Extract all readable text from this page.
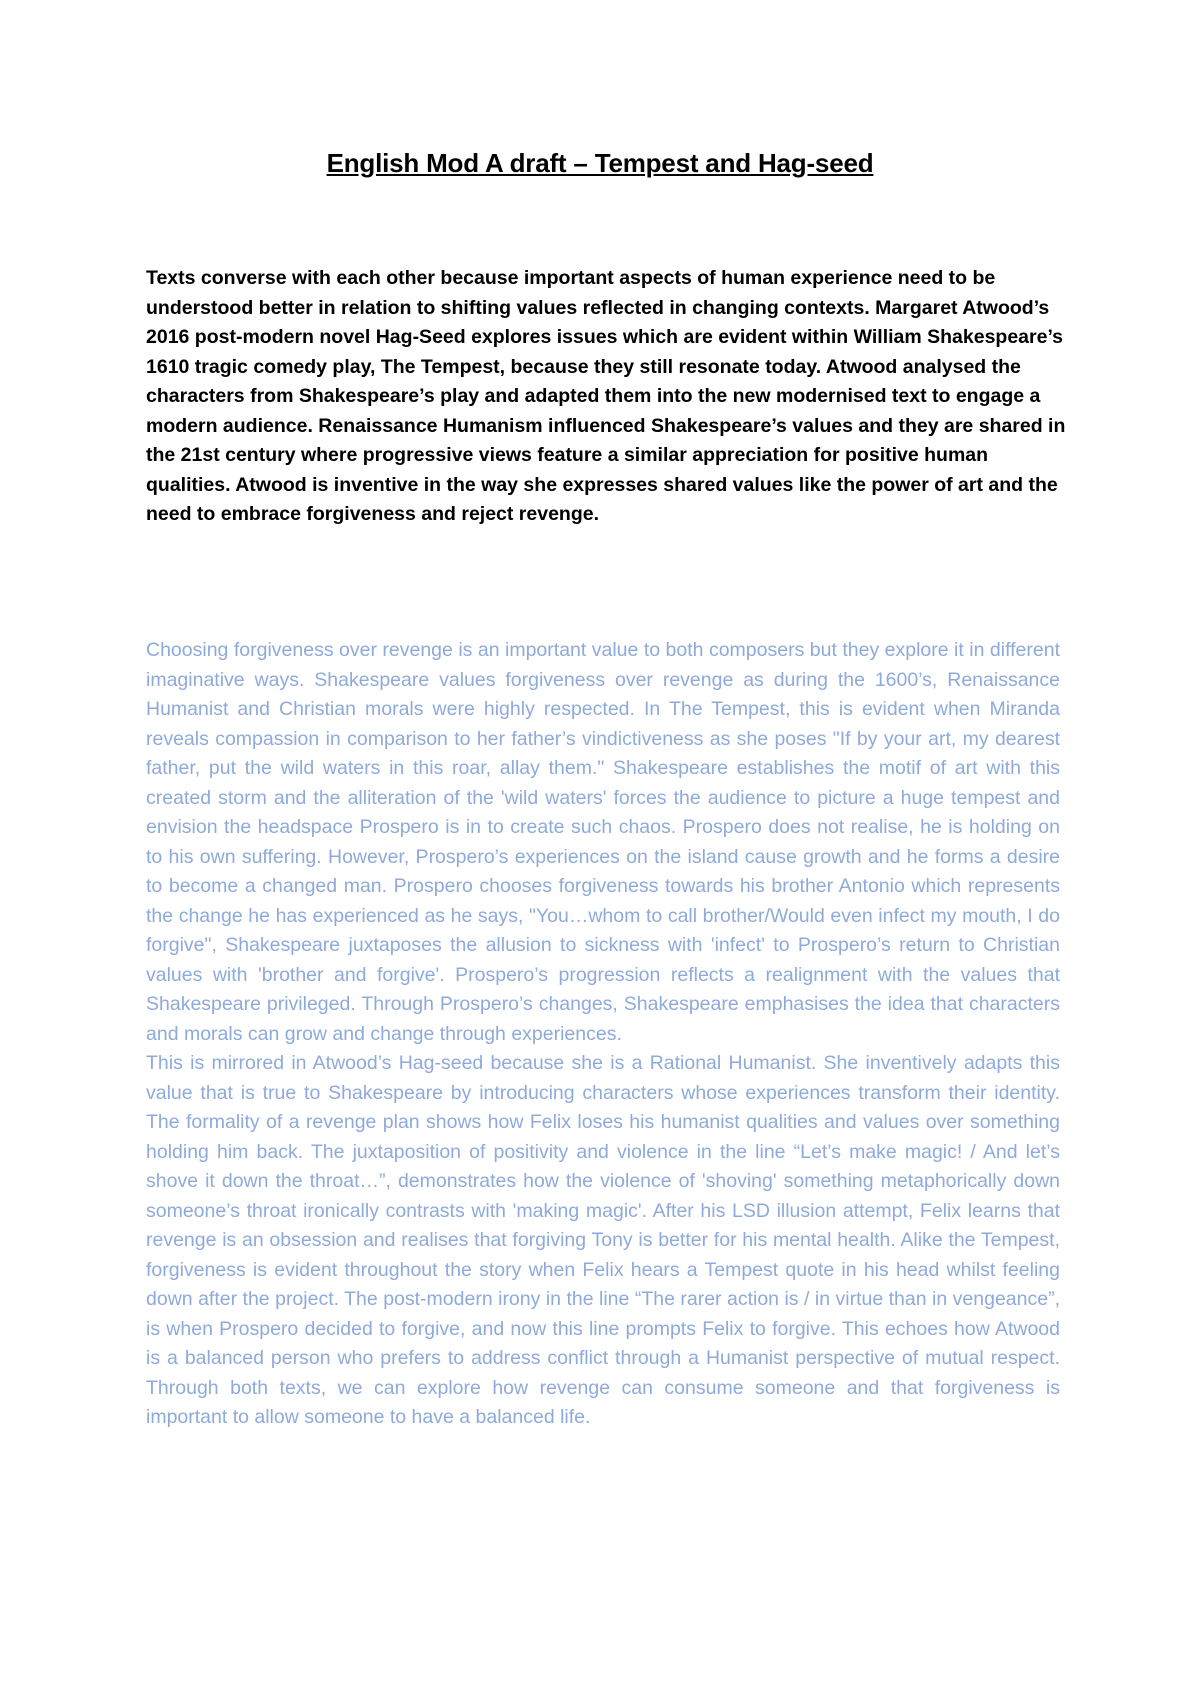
English Mod A draft – Tempest and Hag-seed

Texts converse with each other because important aspects of human experience need to be understood better in relation to shifting values reflected in changing contexts. Margaret Atwood’s 2016 post-modern novel Hag-Seed explores issues which are evident within William Shakespeare’s 1610 tragic comedy play, The Tempest, because they still resonate today. Atwood analysed the characters from Shakespeare’s play and adapted them into the new modernised text to engage a modern audience. Renaissance Humanism influenced Shakespeare’s values and they are shared in the 21st century where progressive views feature a similar appreciation for positive human qualities. Atwood is inventive in the way she expresses shared values like the power of art and the need to embrace forgiveness and reject revenge.

Choosing forgiveness over revenge is an important value to both composers but they explore it in different imaginative ways. Shakespeare values forgiveness over revenge as during the 1600’s, Renaissance Humanist and Christian morals were highly respected. In The Tempest, this is evident when Miranda reveals compassion in comparison to her father’s vindictiveness as she poses "If by your art, my dearest father, put the wild waters in this roar, allay them." Shakespeare establishes the motif of art with this created storm and the alliteration of the 'wild waters' forces the audience to picture a huge tempest and envision the headspace Prospero is in to create such chaos. Prospero does not realise, he is holding on to his own suffering. However, Prospero’s experiences on the island cause growth and he forms a desire to become a changed man. Prospero chooses forgiveness towards his brother Antonio which represents the change he has experienced as he says, "You…whom to call brother/Would even infect my mouth, I do forgive", Shakespeare juxtaposes the allusion to sickness with 'infect' to Prospero’s return to Christian values with 'brother and forgive'. Prospero’s progression reflects a realignment with the values that Shakespeare privileged. Through Prospero’s changes, Shakespeare emphasises the idea that characters and morals can grow and change through experiences.

This is mirrored in Atwood’s Hag-seed because she is a Rational Humanist. She inventively adapts this value that is true to Shakespeare by introducing characters whose experiences transform their identity. The formality of a revenge plan shows how Felix loses his humanist qualities and values over something holding him back. The juxtaposition of positivity and violence in the line “Let’s make magic! / And let’s shove it down the throat…”, demonstrates how the violence of 'shoving' something metaphorically down someone’s throat ironically contrasts with 'making magic'. After his LSD illusion attempt, Felix learns that revenge is an obsession and realises that forgiving Tony is better for his mental health. Alike the Tempest, forgiveness is evident throughout the story when Felix hears a Tempest quote in his head whilst feeling down after the project. The post-modern irony in the line “The rarer action is / in virtue than in vengeance”, is when Prospero decided to forgive, and now this line prompts Felix to forgive. This echoes how Atwood is a balanced person who prefers to address conflict through a Humanist perspective of mutual respect. Through both texts, we can explore how revenge can consume someone and that forgiveness is important to allow someone to have a balanced life.
